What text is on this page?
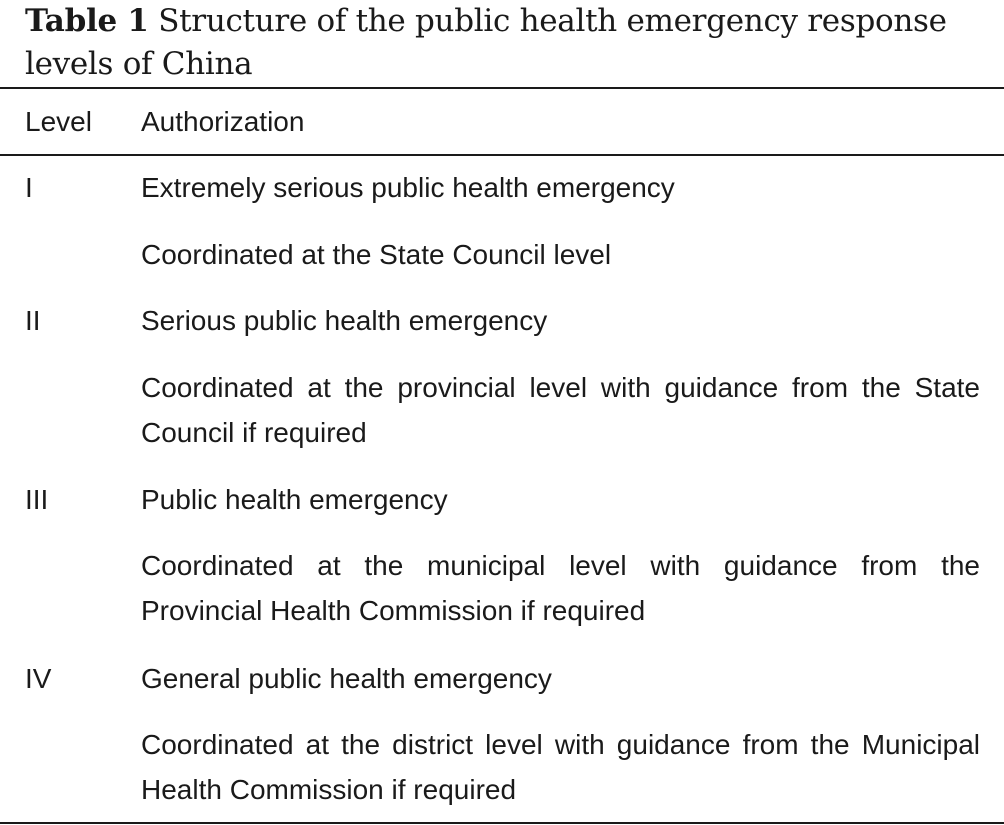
Table 1 Structure of the public health emergency response levels of China
Level Authorization
I	Extremely serious public health emergency
Coordinated at the State Council level
II	Serious public health emergency
Coordinated at the provincial level with guidance from the State Council if required
III	Public health emergency
Coordinated at the municipal level with guidance from the Provincial Health Commission if required
IV	General public health emergency
Coordinated at the district level with guidance from the Municipal Health Commission if required
